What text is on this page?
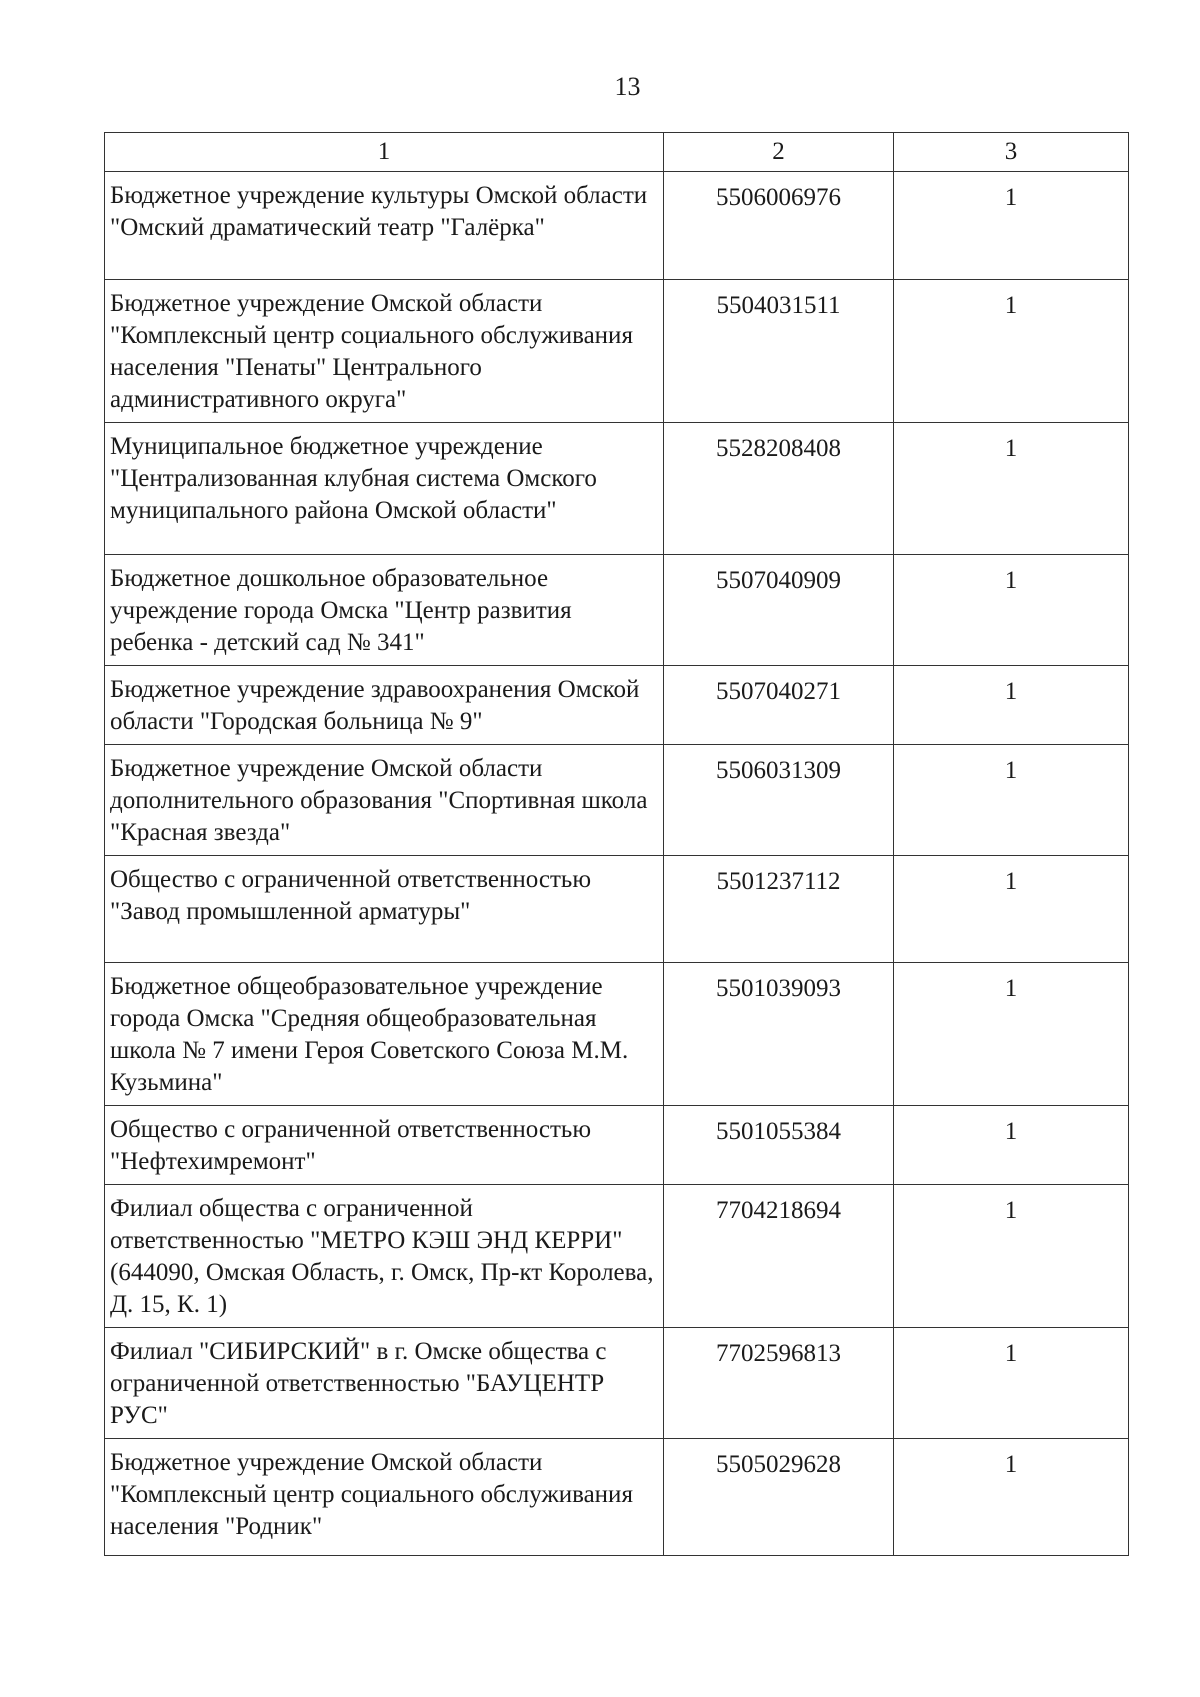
13
1	2	3
Бюджетное учреждение культуры Омской области "Омский драматический театр "Галёрка"	5506006976	1
Бюджетное учреждение Омской области "Комплексный центр социального обслуживания населения "Пенаты" Центрального административного округа"	5504031511	1
Муниципальное бюджетное учреждение "Централизованная клубная система Омского муниципального района Омской области"	5528208408	1
Бюджетное дошкольное образовательное учреждение города Омска "Центр развития ребенка - детский сад № 341"	5507040909	1
Бюджетное учреждение здравоохранения Омской области "Городская больница № 9"	5507040271	1
Бюджетное учреждение Омской области дополнительного образования "Спортивная школа "Красная звезда"	5506031309	1
Общество с ограниченной ответственностью "Завод промышленной арматуры"	5501237112	1
Бюджетное общеобразовательное учреждение города Омска "Средняя общеобразовательная школа № 7 имени Героя Советского Союза М.М. Кузьмина"	5501039093	1
Общество с ограниченной ответственностью "Нефтехимремонт"	5501055384	1
Филиал общества с ограниченной ответственностью "МЕТРО КЭШ ЭНД КЕРРИ" (644090, Омская Область, г. Омск, Пр-кт Королева, Д. 15, К. 1)	7704218694	1
Филиал "СИБИРСКИЙ" в г. Омске общества с ограниченной ответственностью "БАУЦЕНТР РУС"	7702596813	1
Бюджетное учреждение Омской области "Комплексный центр социального обслуживания населения "Родник"	5505029628	1
